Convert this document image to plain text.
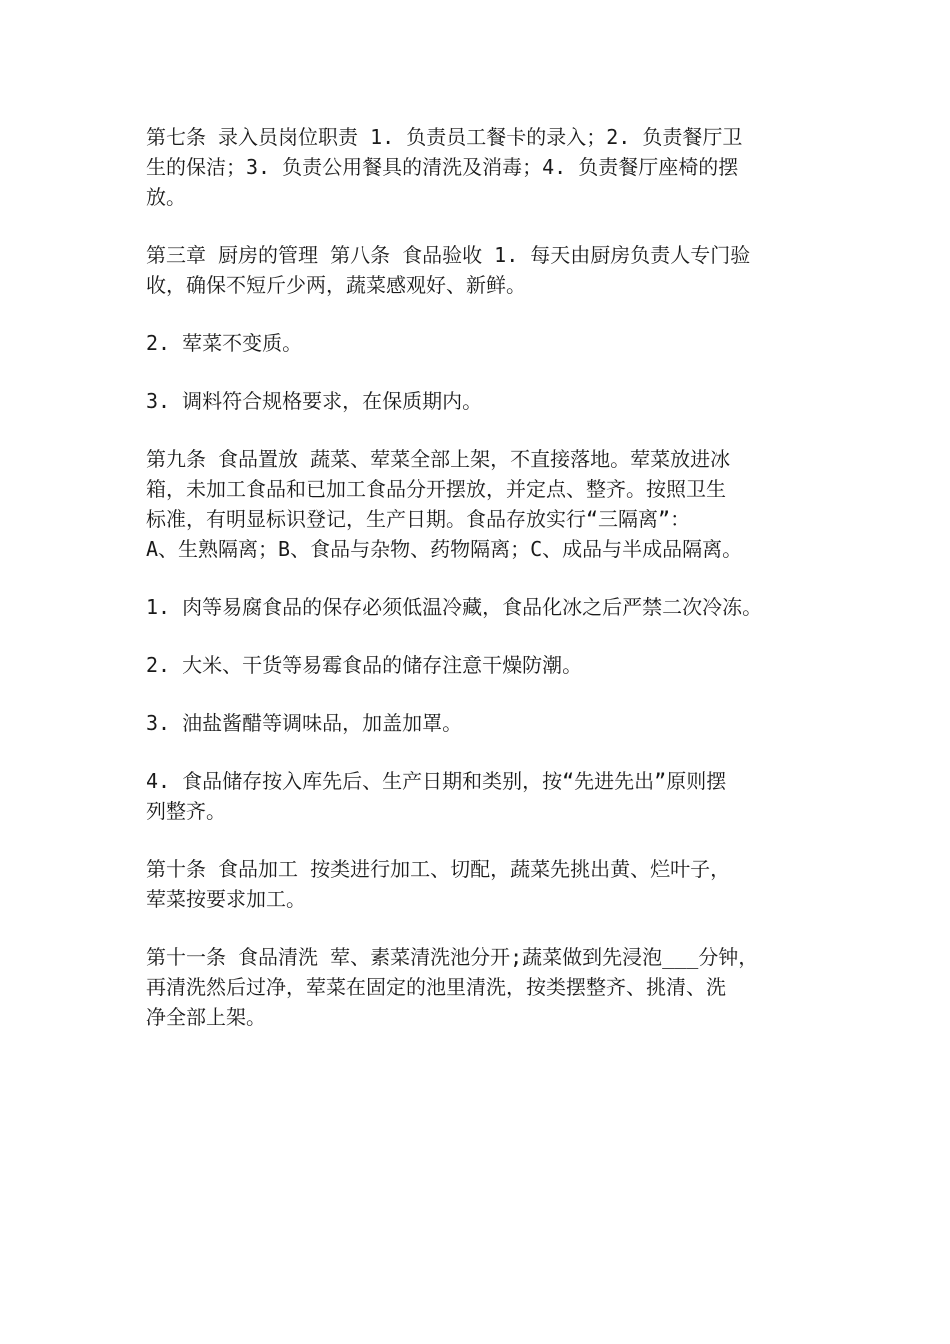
第七条 录入员岗位职责 1. 负责员工餐卡的录入；2. 负责餐厅卫
生的保洁；3. 负责公用餐具的清洗及消毒；4. 负责餐厅座椅的摆
放。

第三章 厨房的管理 第八条 食品验收 1. 每天由厨房负责人专门验
收，确保不短斤少两，蔬菜感观好、新鲜。

2. 荤菜不变质。

3. 调料符合规格要求，在保质期内。

第九条 食品置放 蔬菜、荤菜全部上架，不直接落地。荤菜放进冰
箱，未加工食品和已加工食品分开摆放，并定点、整齐。按照卫生
标准，有明显标识登记，生产日期。食品存放实行“三隔离”：
A、生熟隔离；B、食品与杂物、药物隔离；C、成品与半成品隔离。

1. 肉等易腐食品的保存必须低温冷藏，食品化冰之后严禁二次冷冻。

2. 大米、干货等易霉食品的储存注意干燥防潮。

3. 油盐酱醋等调味品，加盖加罩。

4. 食品储存按入库先后、生产日期和类别，按“先进先出”原则摆
列整齐。

第十条 食品加工 按类进行加工、切配，蔬菜先挑出黄、烂叶子，
荤菜按要求加工。

第十一条 食品清洗 荤、素菜清洗池分开;蔬菜做到先浸泡___分钟，
再清洗然后过净，荤菜在固定的池里清洗，按类摆整齐、挑清、洗
净全部上架。
